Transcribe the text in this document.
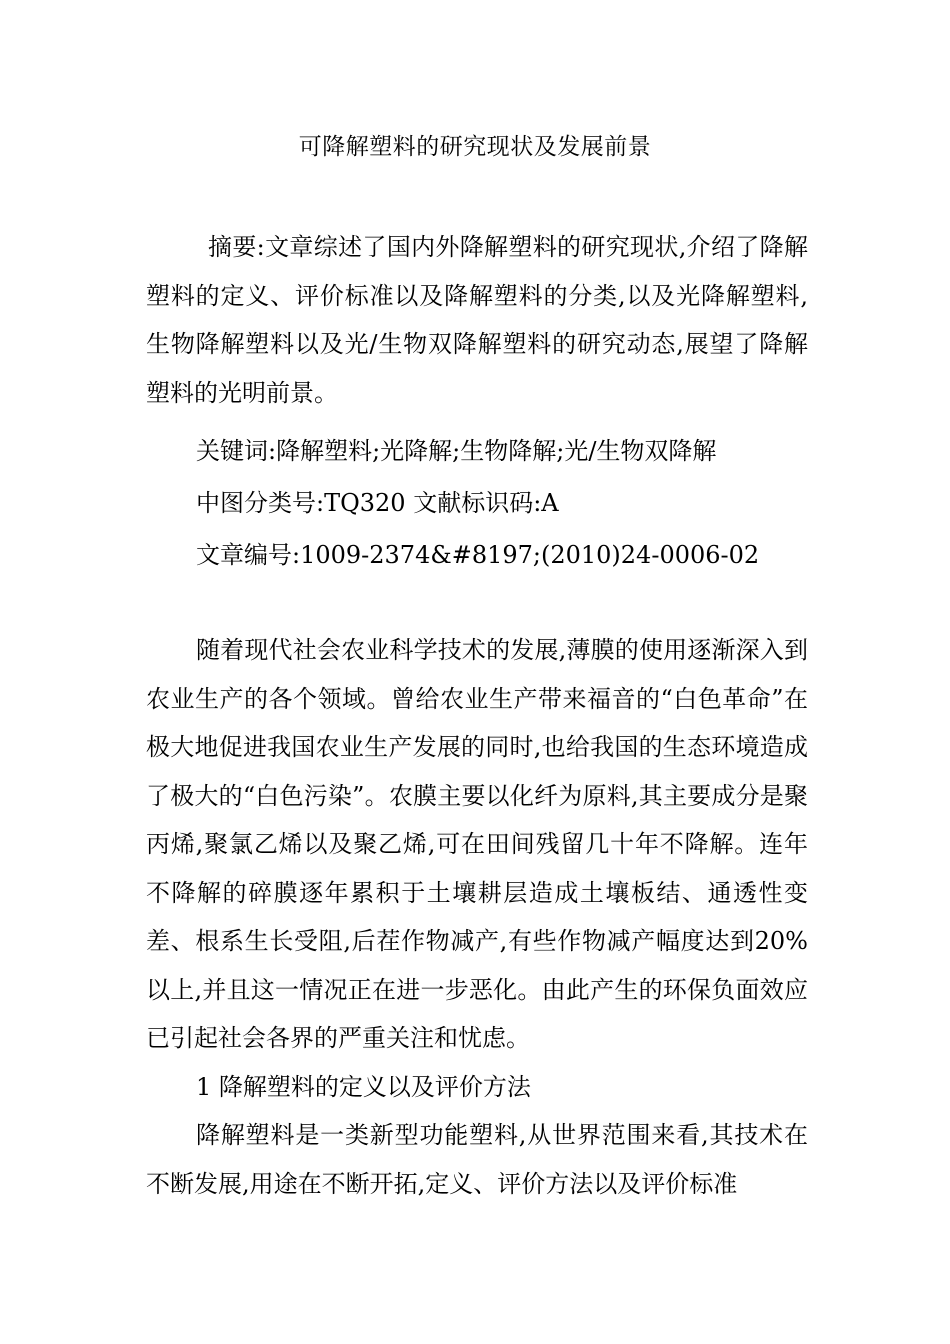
可降解塑料的研究现状及发展前景
摘要:文章综述了国内外降解塑料的研究现状,介绍了降解塑料的定义、评价标准以及降解塑料的分类,以及光降解塑料,生物降解塑料以及光/生物双降解塑料的研究动态,展望了降解塑料的光明前景。
关键词:降解塑料;光降解;生物降解;光/生物双降解
中图分类号:TQ320 文献标识码:A
文章编号:1009-2374&#8197;(2010)24-0006-02

随着现代社会农业科学技术的发展,薄膜的使用逐渐深入到农业生产的各个领域。曾给农业生产带来福音的“白色革命”在极大地促进我国农业生产发展的同时,也给我国的生态环境造成了极大的“白色污染”。农膜主要以化纤为原料,其主要成分是聚丙烯,聚氯乙烯以及聚乙烯,可在田间残留几十年不降解。连年不降解的碎膜逐年累积于土壤耕层造成土壤板结、通透性变差、根系生长受阻,后茬作物减产,有些作物减产幅度达到20%以上,并且这一情况正在进一步恶化。由此产生的环保负面效应已引起社会各界的严重关注和忧虑。

1 降解塑料的定义以及评价方法

降解塑料是一类新型功能塑料,从世界范围来看,其技术在不断发展,用途在不断开拓,定义、评价方法以及评价标准
